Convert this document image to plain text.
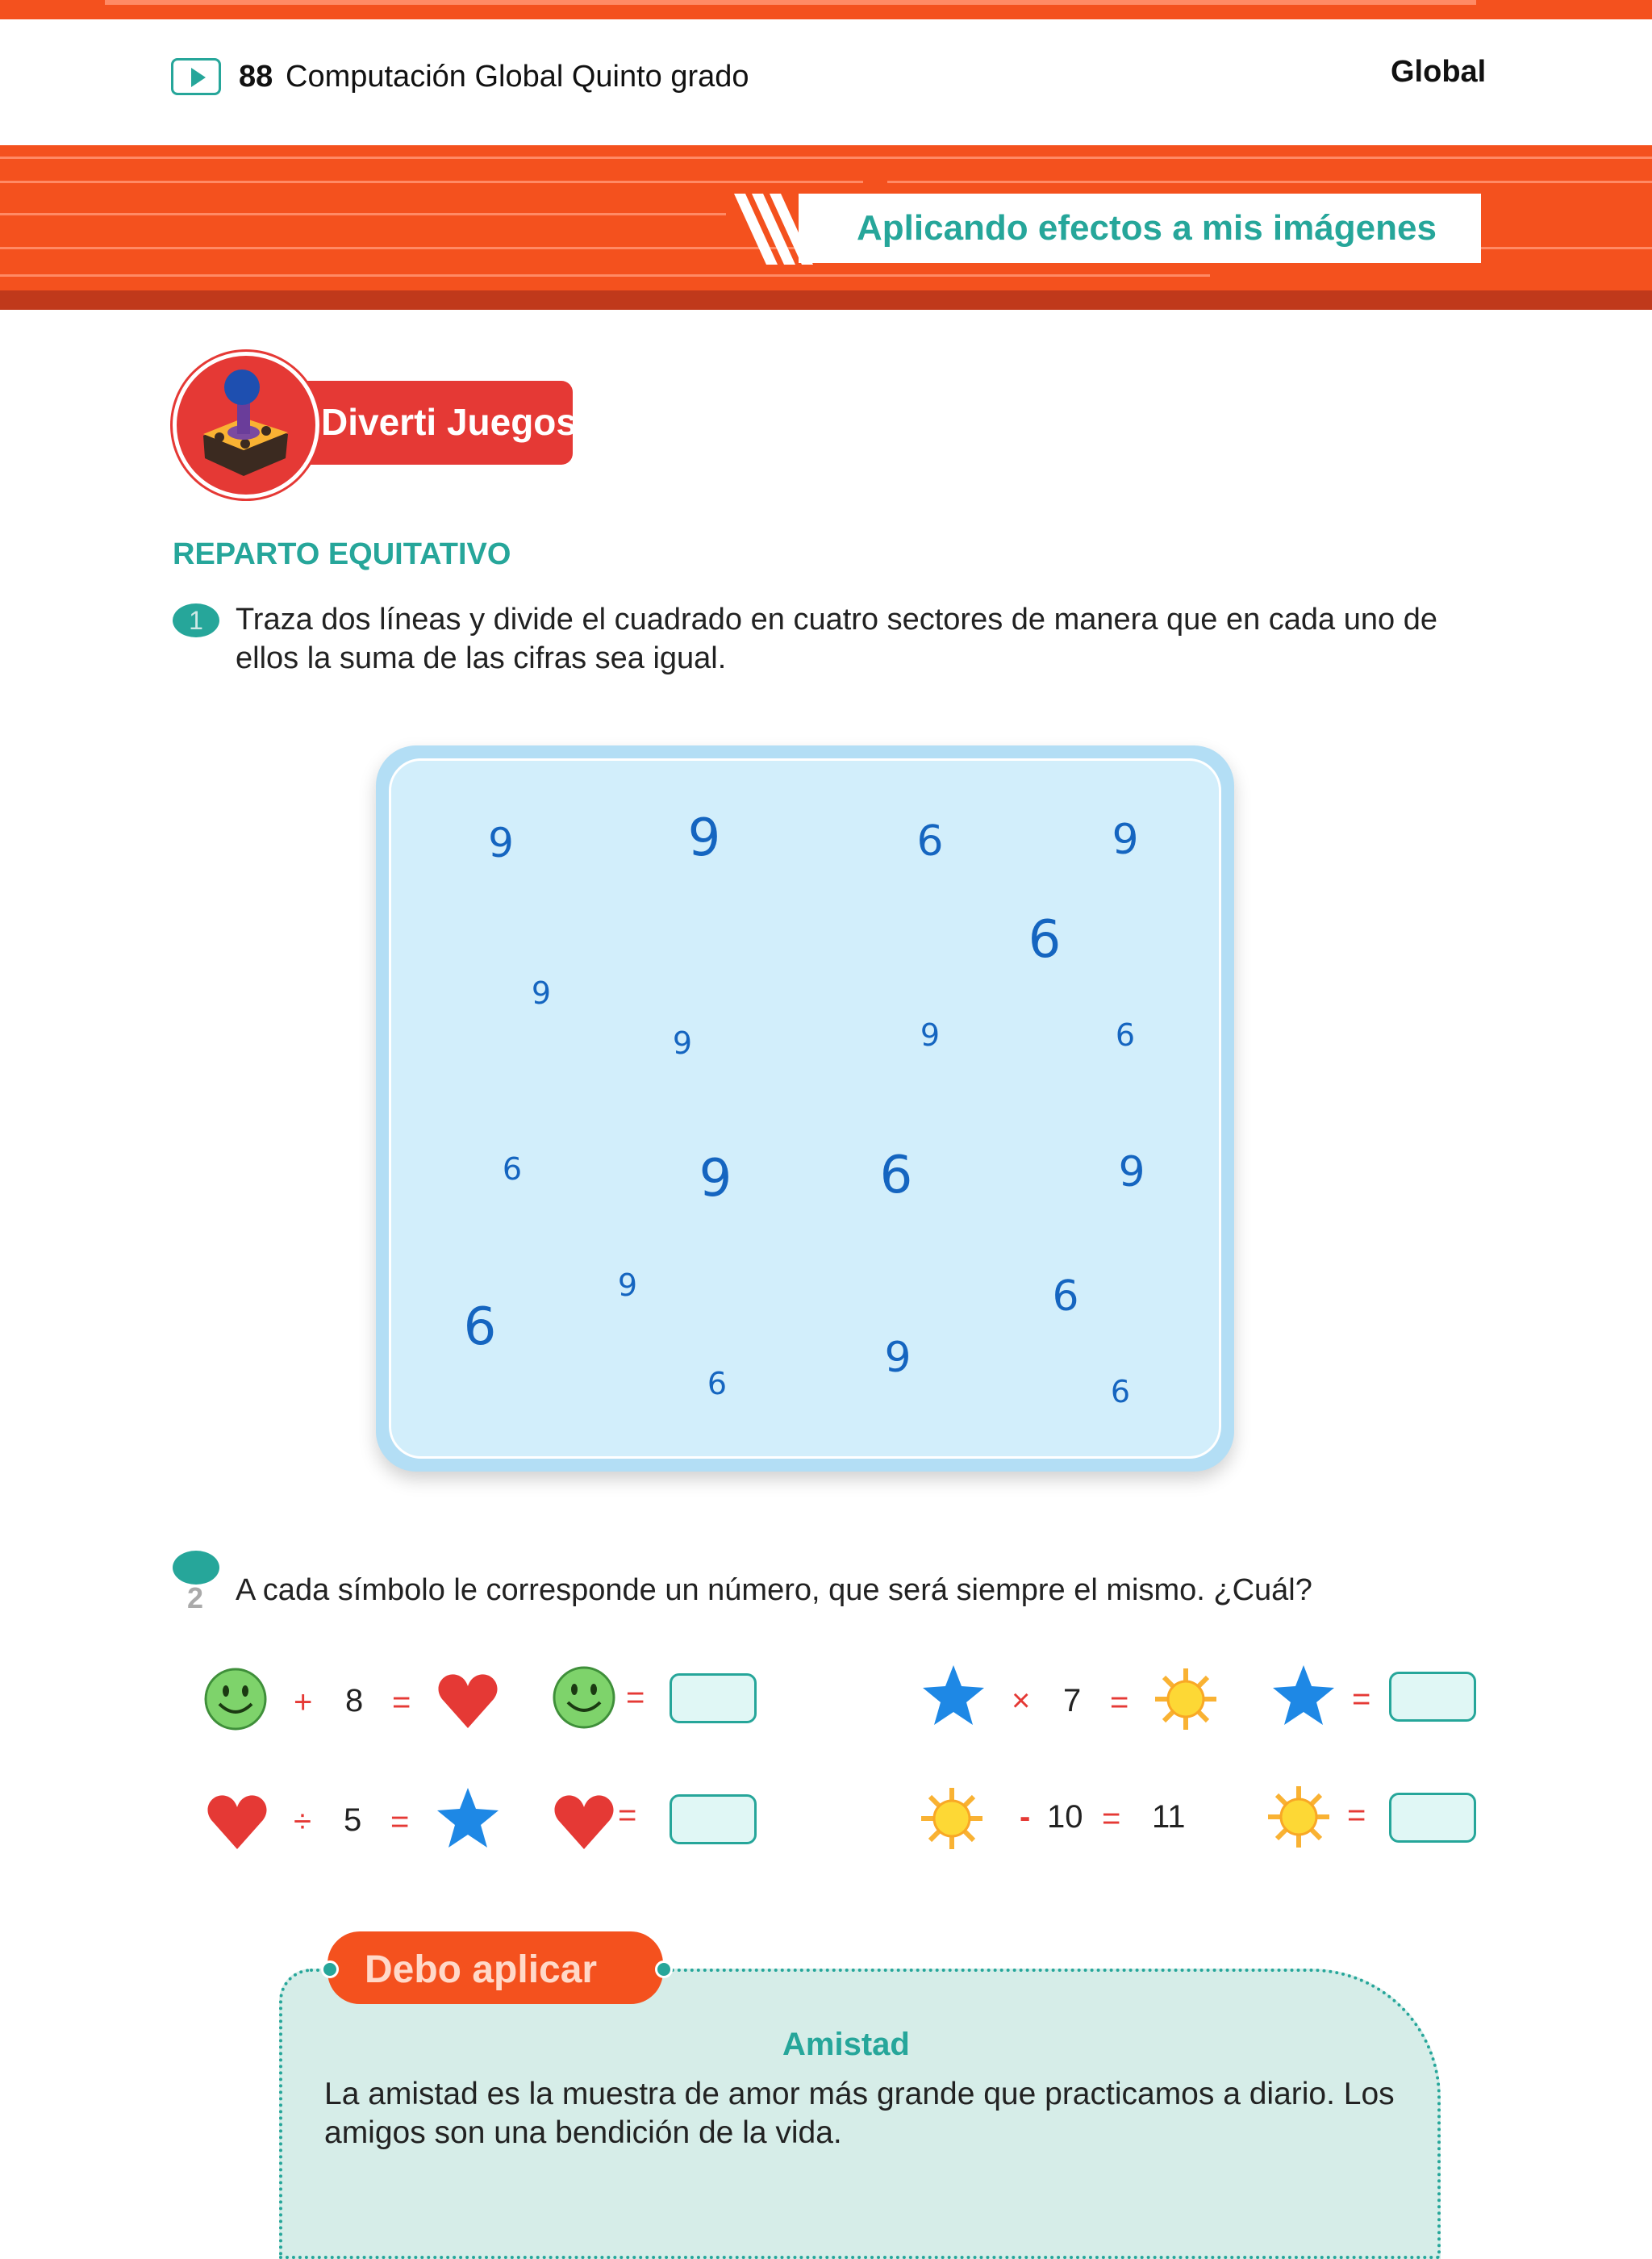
88 Computación Global Quinto grado	Global
Aplicando efectos a mis imágenes
Diverti Juegos
REPARTO EQUITATIVO
1	Traza dos líneas y divide el cuadrado en cuatro sectores de manera que en cada uno de ellos la suma de las cifras sea igual.
9	9	6	9
6
9
9	9	6
6	9	6	9
6
9
6
6
9
6
2 A cada símbolo le corresponde un número, que será siempre el mismo. ¿Cuál?
+ 8 =	=	× 7 =	=
÷ 5 =	=	- 10 = 11	=
Debo aplicar
Amistad
La amistad es la muestra de amor más grande que practicamos a diario. Los amigos son una bendición de la vida.
